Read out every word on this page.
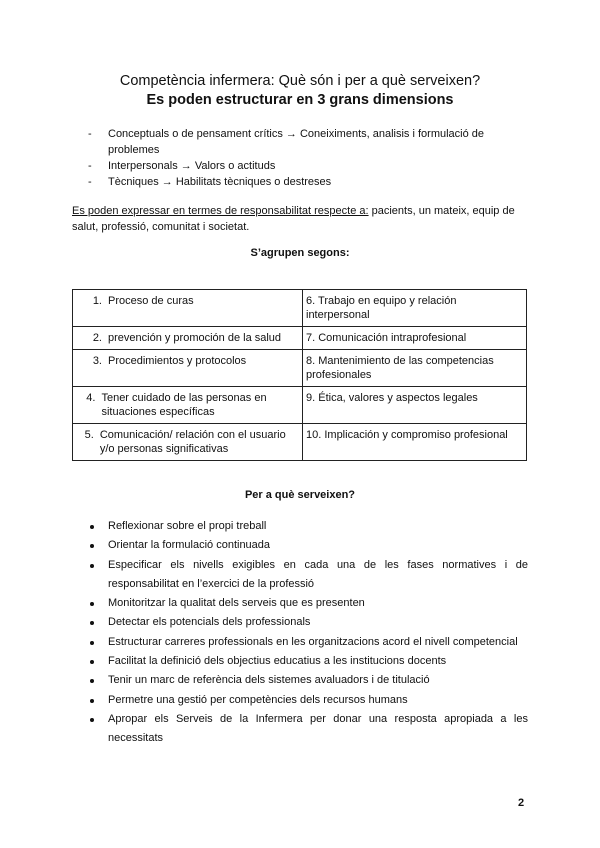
Competència infermera: Què són i per a què serveixen?
Es poden estructurar en 3 grans dimensions
- Conceptuals o de pensament crítics → Coneiximents, analisis i formulació de problemes
- Interpersonals → Valors o actituds
- Tècniques → Habilitats tècniques o destreses
Es poden expressar en termes de responsabilitat respecte a: pacients, un mateix, equip de salut, professió, comunitat i societat.
S’agrupen segons:
1. Proceso de curas	6. Trabajo en equipo y relación interpersonal

2. prevención y promoción de la salud	7. Comunicación intraprofesional

3. Procedimientos y protocolos	8. Mantenimiento de las competencias profesionales

4. Tener cuidado de las personas en situaciones específicas	9. Ética, valores y aspectos legales

5. Comunicación/ relación con el usuario y/o personas significativas	10. Implicación y compromiso profesional
Per a què serveixen?
Reflexionar sobre el propi treball
Orientar la formulació continuada
Especificar els nivells exigibles en cada una de les fases normatives i de responsabilitat en l’exercici de la professió
Monitoritzar la qualitat dels serveis que es presenten
Detectar els potencials dels professionals
Estructurar carreres professionals en les organitzacions acord el nivell competencial
Facilitat la definició dels objectius educatius a les institucions docents
Tenir un marc de referència dels sistemes avaluadors i de titulació
Permetre una gestió per competències dels recursos humans
Apropar els Serveis de la Infermera per donar una resposta apropiada a les necessitats
2
